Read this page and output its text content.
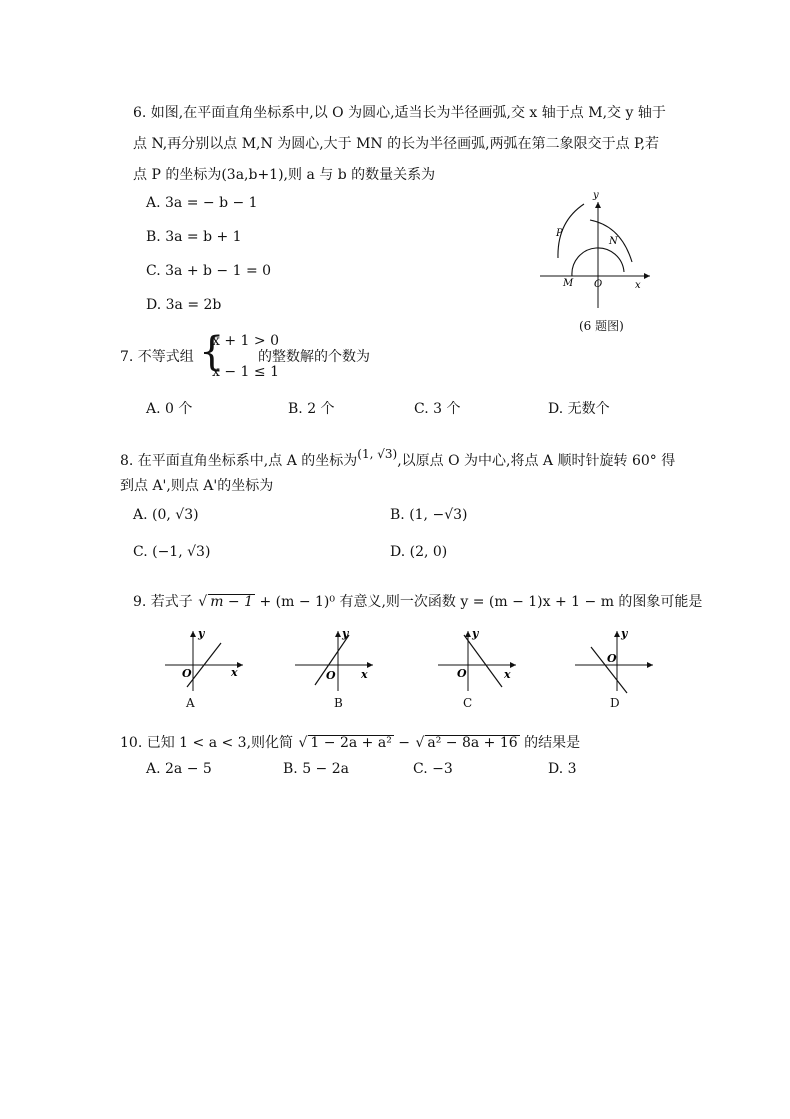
6. 如图,在平面直角坐标系中,以 O 为圆心,适当长为半径画弧,交 x 轴于点 M,交 y 轴于
点 N,再分别以点 M,N 为圆心,大于 MN 的长为半径画弧,两弧在第二象限交于点 P,若
点 P 的坐标为(3a,b+1),则 a 与 b 的数量关系为
A. 3a = − b − 1
B. 3a = b + 1
C. 3a + b − 1 = 0
D. 3a = 2b
y
x
O
M
N
P
(6 题图)
7. 不等式组 {
x + 1 > 0
x − 1 ≤ 1
的整数解的个数为
A. 0 个	B. 2 个	C. 3 个	D. 无数个
8. 在平面直角坐标系中,点 A 的坐标为(1, √3),以原点 O 为中心,将点 A 顺时针旋转 60° 得
到点 A',则点 A'的坐标为
A. (0, √3)	B. (1, −√3)
C. (−1, √3)	D. (2, 0)
9. 若式子 √ m − 1 + (m − 1)⁰ 有意义,则一次函数 y = (m − 1)x + 1 − m 的图象可能是
y
x
O
A
y
x
O
B
y
x
O
C
y
O
D
10. 已知 1 < a < 3,则化简 √ 1 − 2a + a² − √ a² − 8a + 16 的结果是
A. 2a − 5	B. 5 − 2a	C. −3	D. 3
